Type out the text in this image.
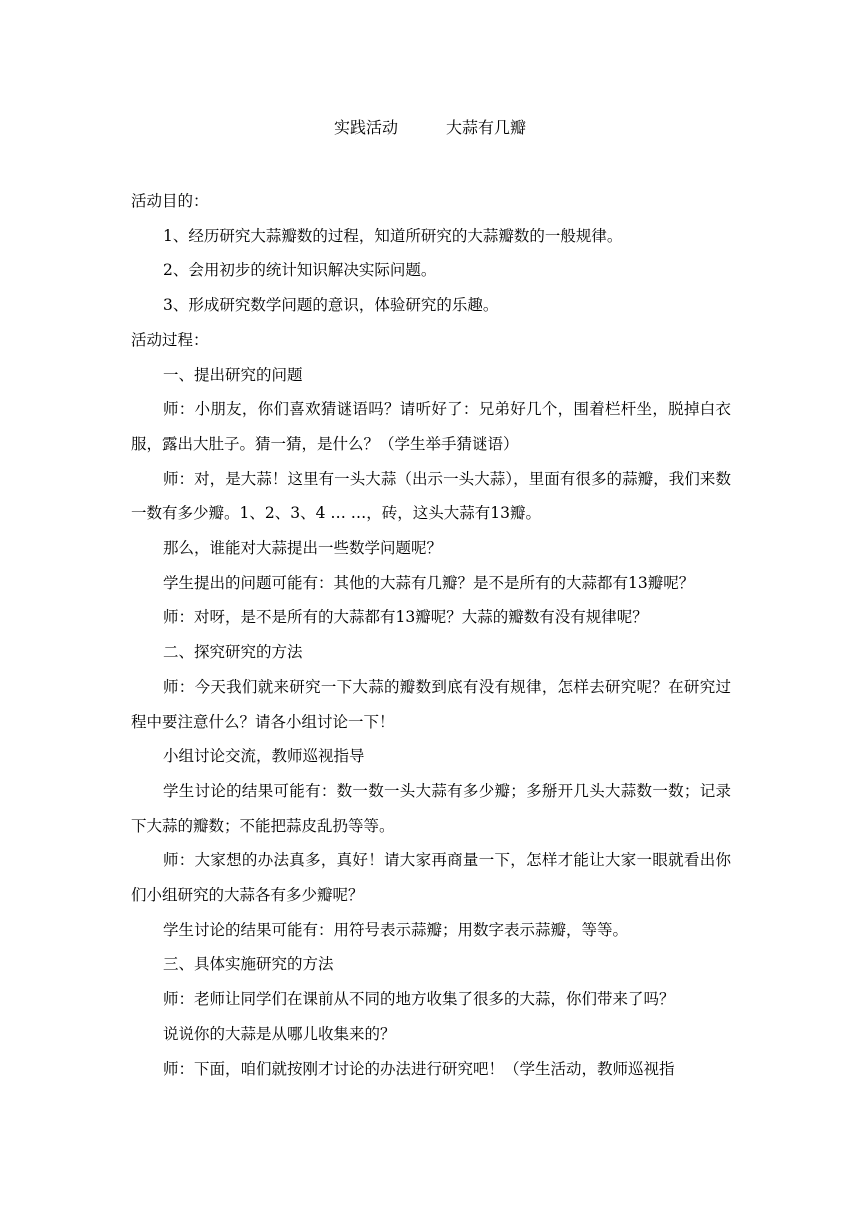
实践活动　　　大蒜有几瓣

活动目的：

1、经历研究大蒜瓣数的过程，知道所研究的大蒜瓣数的一般规律。

2、会用初步的统计知识解决实际问题。

3、形成研究数学问题的意识，体验研究的乐趣。

活动过程：

一、提出研究的问题

师：小朋友，你们喜欢猜谜语吗？请听好了：兄弟好几个，围着栏杆坐，脱掉白衣服，露出大肚子。猜一猜，是什么？（学生举手猜谜语）

师：对，是大蒜！这里有一头大蒜（出示一头大蒜），里面有很多的蒜瓣，我们来数一数有多少瓣。1、2、3、4 … …，砖，这头大蒜有13瓣。

那么，谁能对大蒜提出一些数学问题呢？

学生提出的问题可能有：其他的大蒜有几瓣？是不是所有的大蒜都有13瓣呢？

师：对呀，是不是所有的大蒜都有13瓣呢？大蒜的瓣数有没有规律呢？

二、探究研究的方法

师：今天我们就来研究一下大蒜的瓣数到底有没有规律，怎样去研究呢？在研究过程中要注意什么？请各小组讨论一下！

小组讨论交流，教师巡视指导

学生讨论的结果可能有：数一数一头大蒜有多少瓣；多掰开几头大蒜数一数；记录下大蒜的瓣数；不能把蒜皮乱扔等等。

师：大家想的办法真多，真好！请大家再商量一下，怎样才能让大家一眼就看出你们小组研究的大蒜各有多少瓣呢？

学生讨论的结果可能有：用符号表示蒜瓣；用数字表示蒜瓣，等等。

三、具体实施研究的方法

师：老师让同学们在课前从不同的地方收集了很多的大蒜，你们带来了吗？

说说你的大蒜是从哪儿收集来的？

师：下面，咱们就按刚才讨论的办法进行研究吧！（学生活动，教师巡视指
